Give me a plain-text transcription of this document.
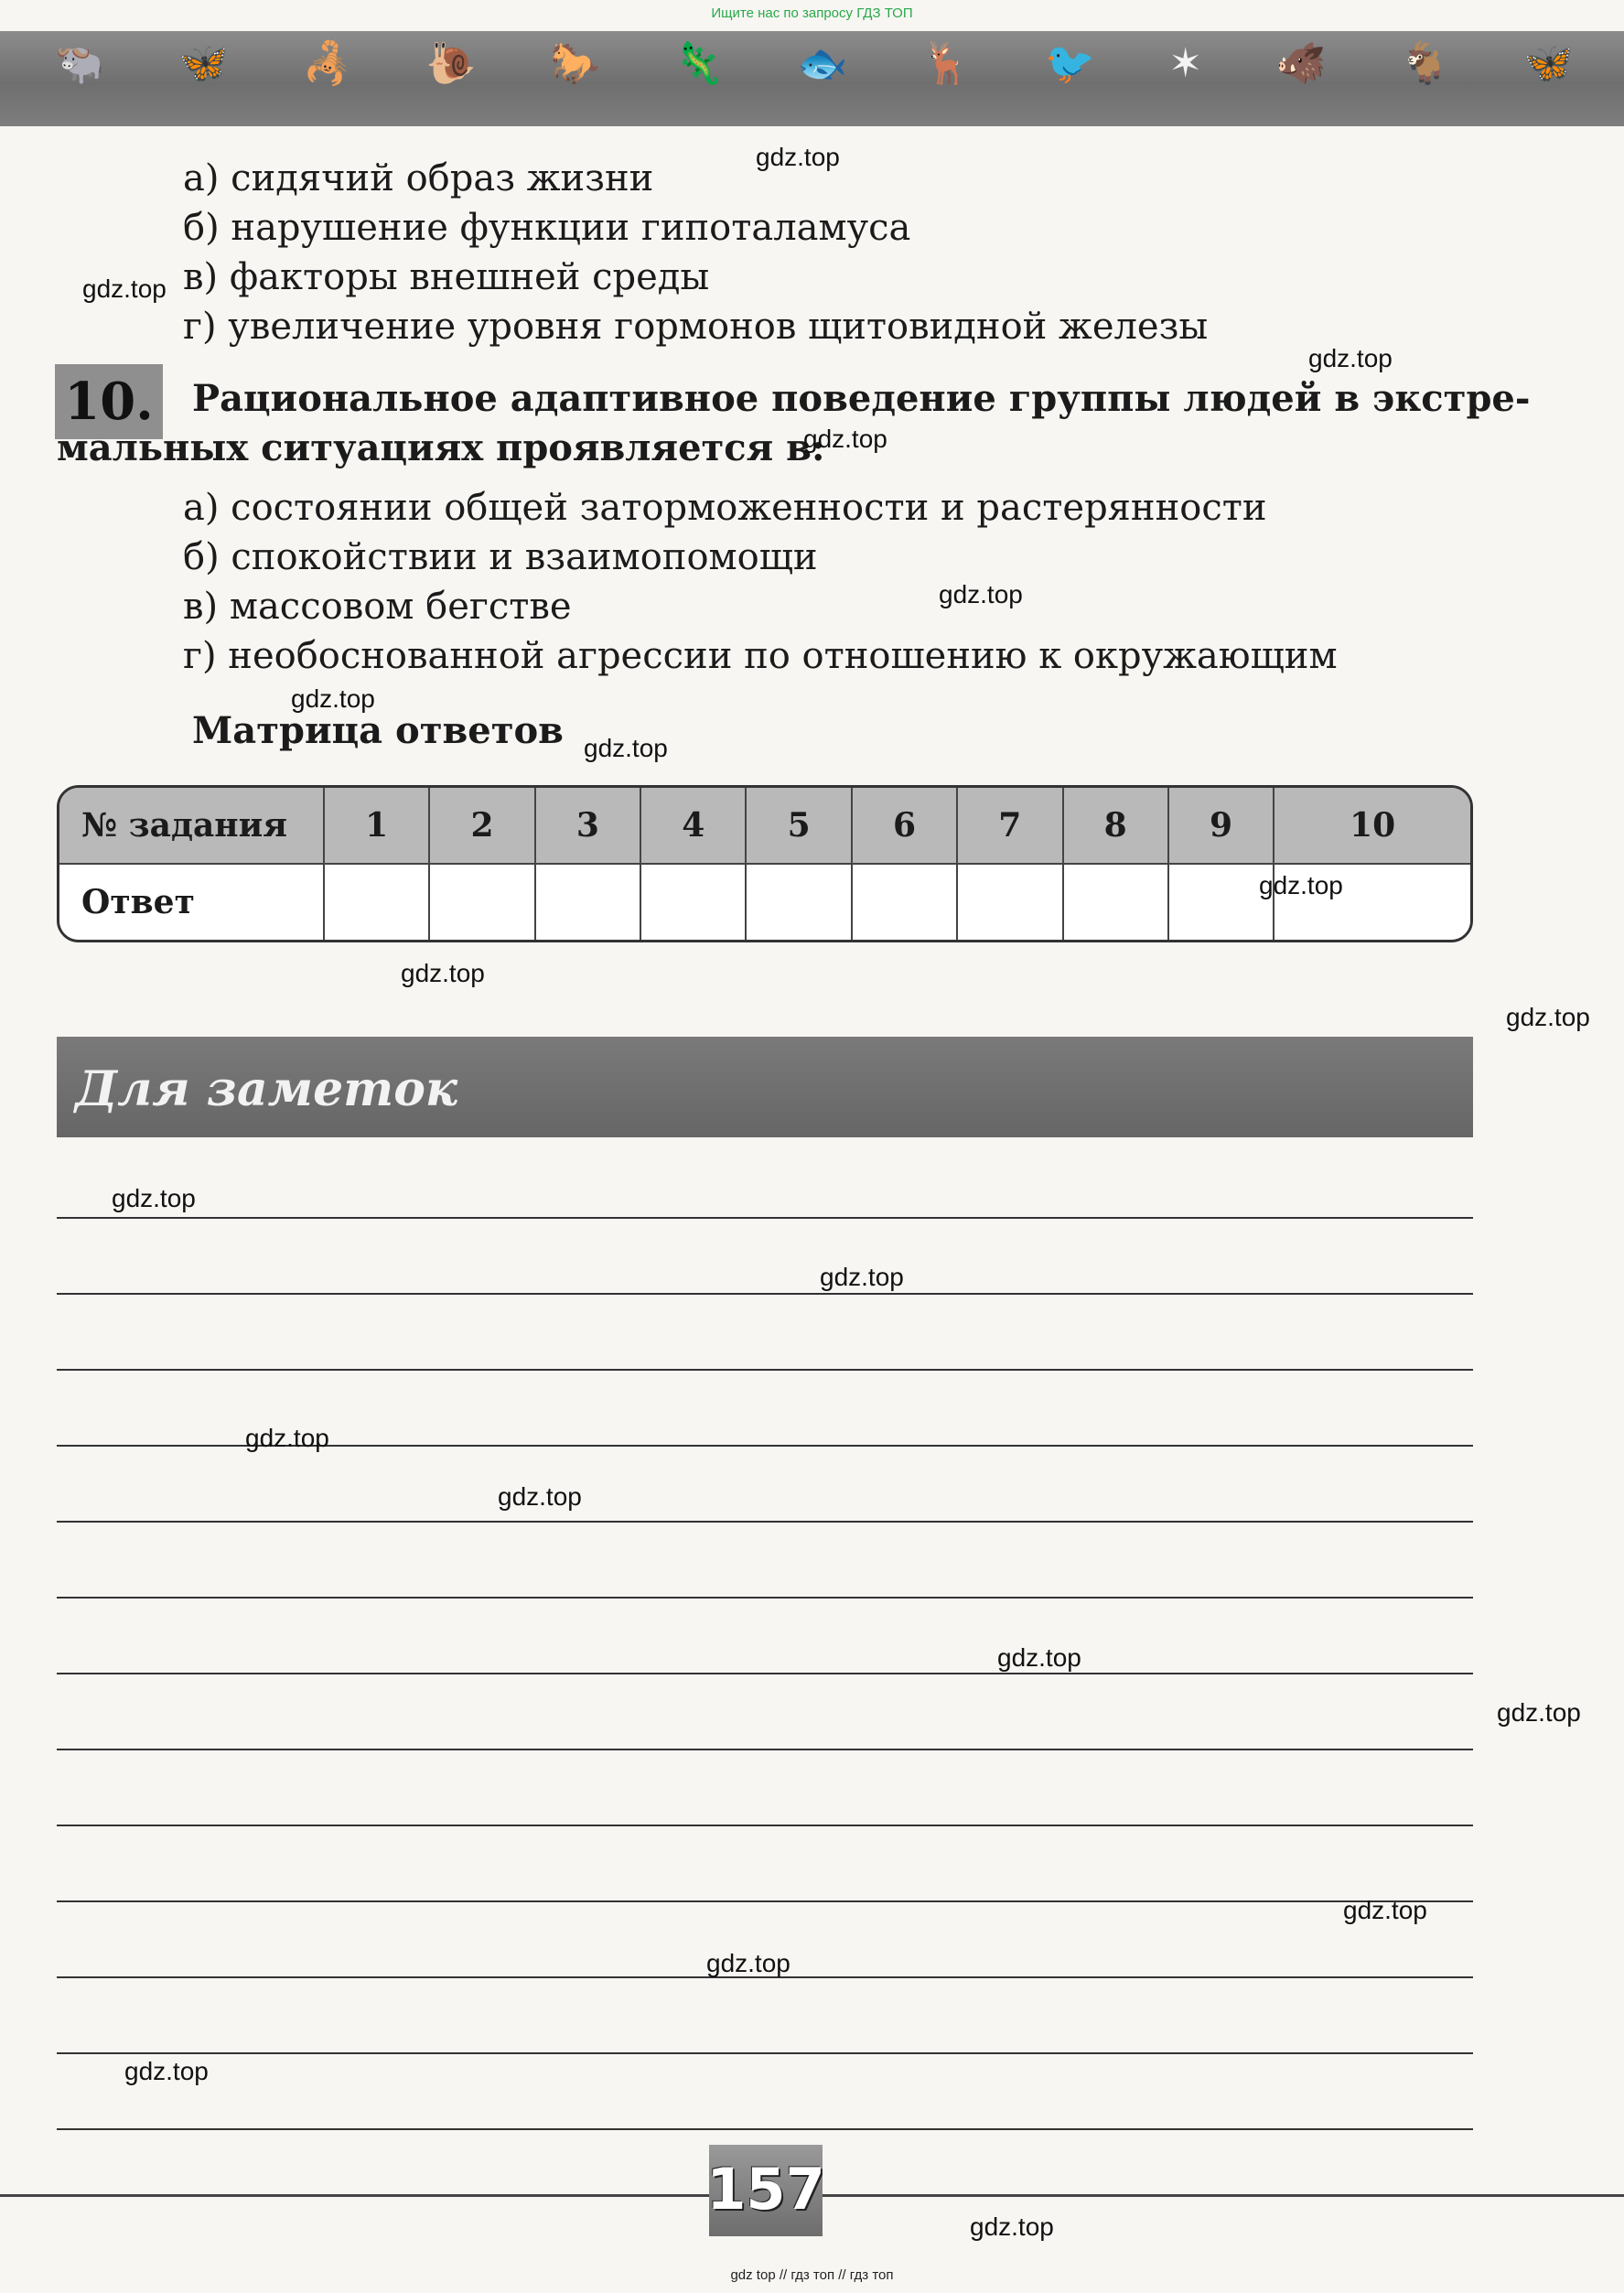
Ищите нас по запросу ГДЗ ТОП
🐃 🦋 🦂 🐌 🐎 🦎 🐟 🦌 🐦 ✶ 🐗 🐐 🦋
а) сидячий образ жизни
б) нарушение функции гипоталамуса
в) факторы внешней среды
г) увеличение уровня гормонов щитовидной железы
10. Рациональное адаптивное поведение группы людей в экстре-
мальных ситуациях проявляется в:
а) состоянии общей заторможенности и растерянности
б) спокойствии и взаимопомощи
в) массовом бегстве
г) необоснованной агрессии по отношению к окружающим
Матрица ответов
№ задания	1	2	3	4	5	6	7	8	9	10
Ответ										
Для заметок
gdz.top
gdz.top
gdz.top
gdz.top
gdz.top
gdz.top
gdz.top
gdz.top
gdz.top
gdz.top
gdz.top
gdz.top
gdz.top
gdz.top
gdz.top
gdz.top
gdz.top
gdz.top
gdz.top
gdz.top
157
gdz top // гдз топ // гдз топ
